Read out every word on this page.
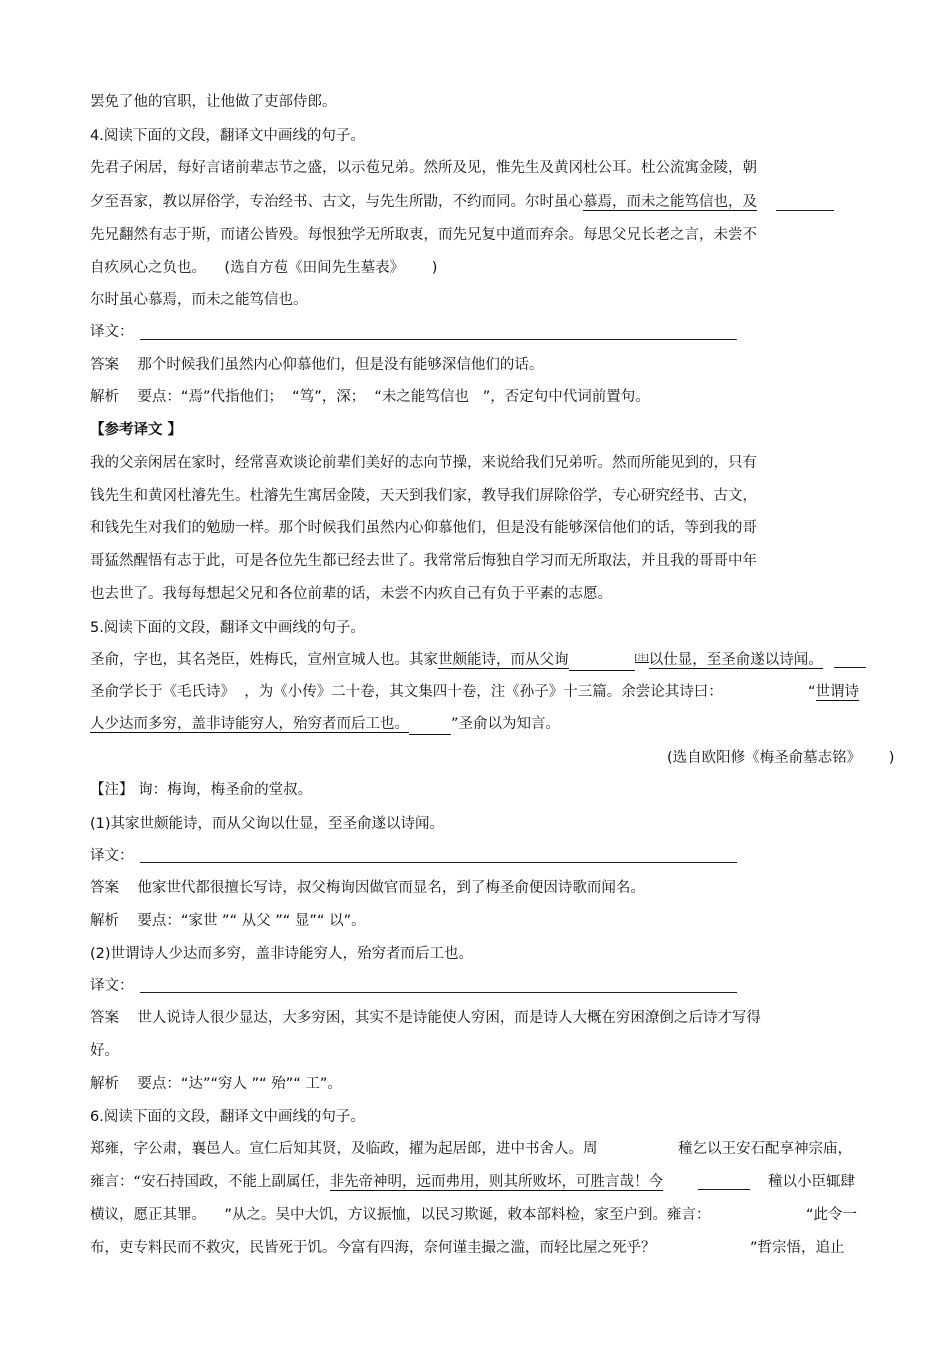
罢免了他的官职，让他做了吏部侍郎。
4.阅读下面的文段，翻译文中画线的句子。
先君子闲居，每好言诸前辈志节之盛，以示苞兄弟。然所及见，惟先生及黄冈杜公耳。杜公流寓金陵，朝
夕至吾家，教以屏俗学，专治经书、古文，与先生所勖，不约而同。尔时虽心慕焉，而未之能笃信也，及
先兄翻然有志于斯，而诸公皆殁。每恨独学无所取衷，而先兄复中道而弃余。每思父兄长老之言，未尝不
自疚夙心之负也。    (选自方苞《田间先生墓表》      )
尔时虽心慕焉，而未之能笃信也。
译文：
答案    那个时候我们虽然内心仰慕他们，但是没有能够深信他们的话。
解析    要点：“焉”代指他们；  “笃”，深；  “未之能笃信也   ”，否定句中代词前置句。
【参考译文 】
我的父亲闲居在家时，经常喜欢谈论前辈们美好的志向节操，来说给我们兄弟听。然而所能见到的，只有
钱先生和黄冈杜濬先生。杜濬先生寓居金陵，天天到我们家，教导我们屏除俗学，专心研究经书、古文，
和钱先生对我们的勉励一样。那个时候我们虽然内心仰慕他们，但是没有能够深信他们的话，等到我的哥
哥猛然醒悟有志于此，可是各位先生都已经去世了。我常常后悔独自学习而无所取法，并且我的哥哥中年
也去世了。我每每想起父兄和各位前辈的话，未尝不内疚自己有负于平素的志愿。
5.阅读下面的文段，翻译文中画线的句子。
圣俞，字也，其名尧臣，姓梅氏，宣州宣城人也。其家世颇能诗，而从父询	[注]以仕显，至圣俞遂以诗闻。
圣俞学长于《毛氏诗》  ，为《小传》二十卷，其文集四十卷，注《孙子》十三篇。余尝论其诗曰：	“世谓诗
人少达而多穷，盖非诗能穷人，殆穷者而后工也。	”圣俞以为知言。
(选自欧阳修《梅圣俞墓志铭》      )
【注】 询：梅询，梅圣俞的堂叔。
(1)其家世颇能诗，而从父询以仕显，至圣俞遂以诗闻。
译文：
答案    他家世代都很擅长写诗，叔父梅询因做官而显名，到了梅圣俞便因诗歌而闻名。
解析    要点：“家世 ”“ 从父 ”“ 显”“ 以”。
(2)世谓诗人少达而多穷，盖非诗能穷人，殆穷者而后工也。
译文：
答案    世人说诗人很少显达，大多穷困，其实不是诗能使人穷困，而是诗人大概在穷困潦倒之后诗才写得
好。
解析    要点：“达”“穷人 ”“ 殆”“ 工”。
6.阅读下面的文段，翻译文中画线的句子。
郑雍，字公肃，襄邑人。宣仁后知其贤，及临政，擢为起居郎，进中书舍人。周	穜乞以王安石配享神宗庙，
雍言：“安石持国政，不能上副属任，非先帝神明，远而弗用，则其所败坏，可胜言哉！今	穜以小臣辄肆
横议，愿正其罪。    ”从之。吴中大饥，方议振恤，以民习欺诞，敕本部料检，家至户到。雍言：	“此令一
布，吏专料民而不救灾，民皆死于饥。今富有四海，奈何谨圭撮之滥，而轻比屋之死乎？	”哲宗悟，追止
